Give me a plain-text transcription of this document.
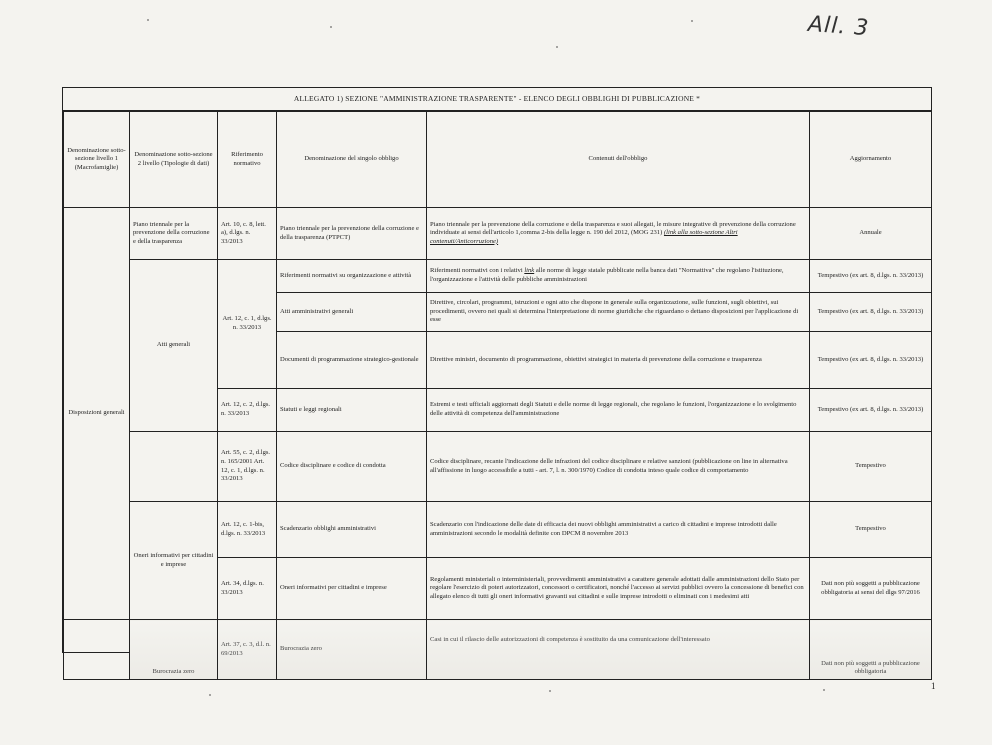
All. 3
1
ALLEGATO 1) SEZIONE "AMMINISTRAZIONE TRASPARENTE" - ELENCO DEGLI OBBLIGHI DI PUBBLICAZIONE *
Denominazione sotto-sezione livello 1 (Macrofamiglie)	Denominazione sotto-sezione 2 livello (Tipologie di dati)	Riferimento normativo	Denominazione del singolo obbligo	Contenuti dell'obbligo	Aggiornamento
Disposizioni generali	Piano triennale per la prevenzione della corruzione e della trasparenza	Art. 10, c. 8, lett. a), d.lgs. n. 33/2013	Piano triennale per la prevenzione della corruzione e della trasparenza (PTPCT)	Piano triennale per la prevenzione della corruzione e della trasparenza e suoi allegati, le misure integrative di prevenzione della corruzione individuate ai sensi dell'articolo 1,comma 2-bis della legge n. 190 del 2012, (MOG 231) (link alla sotto-sezione Altri contenuti/Anticorruzione)	Annuale
	Atti generali	Art. 12, c. 1, d.lgs. n. 33/2013	Riferimenti normativi su organizzazione e attività	Riferimenti normativi con i relativi link alle norme di legge statale pubblicate nella banca dati "Normattiva" che regolano l'istituzione, l'organizzazione e l'attività delle pubbliche amministrazioni	Tempestivo (ex art. 8, d.lgs. n. 33/2013)
			Atti amministrativi generali	Direttive, circolari, programmi, istruzioni e ogni atto che dispone in generale sulla organizzazione, sulle funzioni, sugli obiettivi, sui procedimenti, ovvero nei quali si determina l'interpretazione di norme giuridiche che riguardano o dettano disposizioni per l'applicazione di esse	Tempestivo (ex art. 8, d.lgs. n. 33/2013)
			Documenti di programmazione strategico-gestionale	Direttive ministri, documento di programmazione, obiettivi strategici in materia di prevenzione della corruzione e trasparenza	Tempestivo (ex art. 8, d.lgs. n. 33/2013)
		Art. 12, c. 2, d.lgs. n. 33/2013	Statuti e leggi regionali	Estremi e testi ufficiali aggiornati degli Statuti e delle norme di legge regionali, che regolano le funzioni, l'organizzazione e lo svolgimento delle attività di competenza dell'amministrazione	Tempestivo (ex art. 8, d.lgs. n. 33/2013)
		Art. 55, c. 2, d.lgs. n. 165/2001 Art. 12, c. 1, d.lgs. n. 33/2013	Codice disciplinare e codice di condotta	Codice disciplinare, recante l'indicazione delle infrazioni del codice disciplinare e relative sanzioni (pubblicazione on line in alternativa all'affissione in luogo accessibile a tutti - art. 7, l. n. 300/1970) Codice di condotta inteso quale codice di comportamento	Tempestivo
	Oneri informativi per cittadini e imprese	Art. 12, c. 1-bis, d.lgs. n. 33/2013	Scadenzario obblighi amministrativi	Scadenzario con l'indicazione delle date di efficacia dei nuovi obblighi amministrativi a carico di cittadini e imprese introdotti dalle amministrazioni secondo le modalità definite con DPCM 8 novembre 2013	Tempestivo
		Art. 34, d.lgs. n. 33/2013	Oneri informativi per cittadini e imprese	Regolamenti ministeriali o interministeriali, provvedimenti amministrativi a carattere generale adottati dalle amministrazioni dello Stato per regolare l'esercizio di poteri autorizzatori, concessori o certificatori, nonché l'accesso ai servizi pubblici ovvero la concessione di benefici con allegato elenco di tutti gli oneri informativi gravanti sui cittadini e sulle imprese introdotti o eliminati con i medesimi atti	Dati non più soggetti a pubblicazione obbligatoria ai sensi del dlgs 97/2016
	Burocrazia zero	Art. 37, c. 3, d.l. n. 69/2013	Burocrazia zero	Casi in cui il rilascio delle autorizzazioni di competenza è sostituito da una comunicazione dell'interessato	Dati non più soggetti a pubblicazione obbligatoria
